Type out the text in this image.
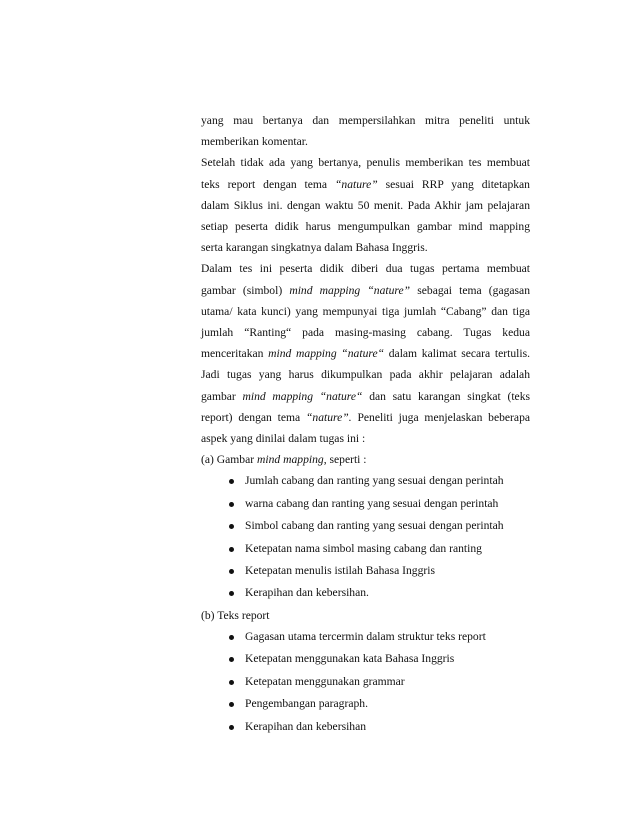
yang mau bertanya dan mempersilahkan mitra peneliti untuk

memberikan komentar.

Setelah tidak ada yang bertanya, penulis memberikan tes membuat

teks report dengan tema “nature” sesuai RRP yang ditetapkan

dalam Siklus ini. dengan waktu 50 menit. Pada Akhir jam pelajaran

setiap peserta didik harus mengumpulkan gambar mind mapping

serta karangan singkatnya dalam Bahasa Inggris.

Dalam tes ini peserta didik diberi dua tugas pertama membuat

gambar (simbol) mind mapping “nature” sebagai tema (gagasan

utama/ kata kunci) yang mempunyai tiga jumlah “Cabang” dan tiga

jumlah “Ranting“ pada masing-masing cabang. Tugas kedua

menceritakan mind mapping “nature“ dalam kalimat secara tertulis.

Jadi tugas yang harus dikumpulkan pada akhir pelajaran adalah

gambar mind mapping “nature“ dan satu karangan singkat (teks

report) dengan tema “nature”. Peneliti juga menjelaskan beberapa

aspek yang dinilai dalam tugas ini :

(a) Gambar mind mapping, seperti :

Jumlah cabang dan ranting yang sesuai dengan perintah
warna cabang dan ranting yang sesuai dengan perintah
Simbol cabang dan ranting yang sesuai dengan perintah
Ketepatan nama simbol masing cabang dan ranting
Ketepatan menulis istilah Bahasa Inggris
Kerapihan dan kebersihan.

(b) Teks report

Gagasan utama tercermin dalam struktur teks report
Ketepatan menggunakan kata Bahasa Inggris
Ketepatan menggunakan grammar
Pengembangan paragraph.
Kerapihan dan kebersihan
